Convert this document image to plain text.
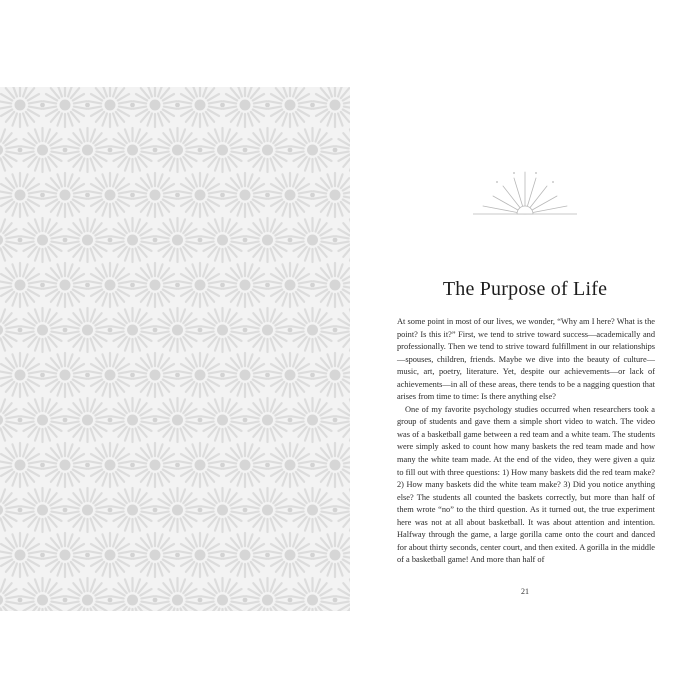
The Purpose of Life

At some point in most of our lives, we wonder, “Why am I here? What is the point? Is this it?” First, we tend to strive toward success—academically and professionally. Then we tend to strive toward fulfillment in our relationships—spouses, children, friends. Maybe we dive into the beauty of culture—music, art, poetry, literature. Yet, despite our achievements—or lack of achievements—in all of these areas, there tends to be a nagging question that arises from time to time: Is there anything else?

One of my favorite psychology studies occurred when researchers took a group of students and gave them a simple short video to watch. The video was of a basketball game between a red team and a white team. The students were simply asked to count how many baskets the red team made and how many the white team made. At the end of the video, they were given a quiz to fill out with three questions: 1) How many baskets did the red team make? 2) How many baskets did the white team make? 3) Did you notice anything else? The students all counted the baskets correctly, but more than half of them wrote “no” to the third question. As it turned out, the true experiment here was not at all about basketball. It was about attention and intention. Halfway through the game, a large gorilla came onto the court and danced for about thirty seconds, center court, and then exited. A gorilla in the middle of a basketball game! And more than half of

21
